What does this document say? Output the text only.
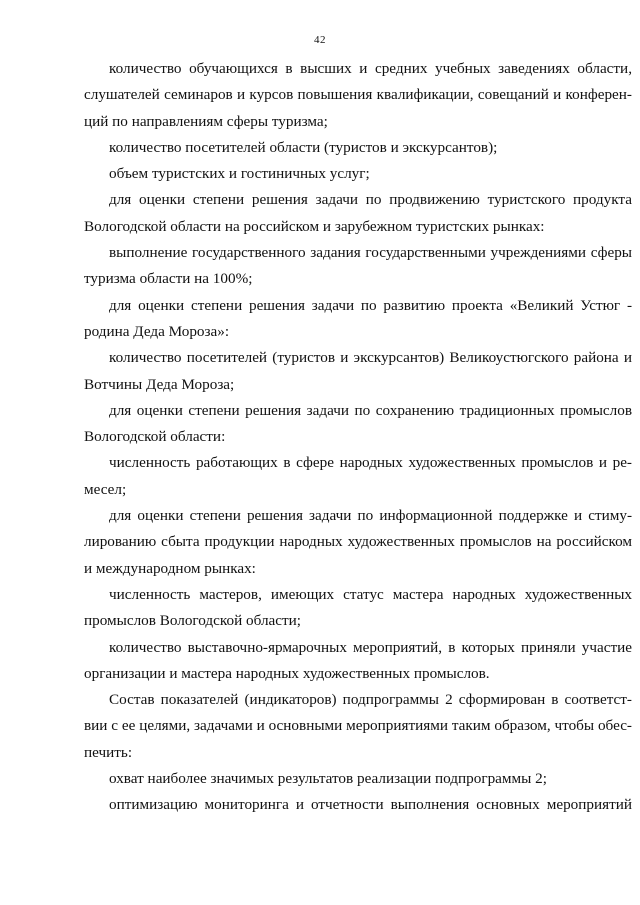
42
количество обучающихся в высших и средних учебных заведениях области,
слушателей семинаров и курсов повышения квалификации, совещаний и конферен-
ций по направлениям сферы туризма;
количество посетителей области (туристов и экскурсантов);
объем туристских и гостиничных услуг;
для оценки степени решения задачи по продвижению туристского продукта
Вологодской области на российском и зарубежном туристских рынках:
выполнение государственного задания государственными учреждениями сферы
туризма области на 100%;
для оценки степени решения задачи по развитию проекта «Великий Устюг -
родина Деда Мороза»:
количество посетителей (туристов и экскурсантов) Великоустюгского района и
Вотчины Деда Мороза;
для оценки степени решения задачи по сохранению традиционных промыслов
Вологодской области:
численность работающих в сфере народных художественных промыслов и ре-
месел;
для оценки степени решения задачи по информационной поддержке и стиму-
лированию сбыта продукции народных художественных промыслов на российском
и международном рынках:
численность мастеров, имеющих статус мастера народных художественных
промыслов Вологодской области;
количество выставочно-ярмарочных мероприятий, в которых приняли участие
организации и мастера народных художественных промыслов.
Состав показателей (индикаторов) подпрограммы 2 сформирован в соответст-
вии с ее целями, задачами и основными мероприятиями таким образом, чтобы обес-
печить:
охват наиболее значимых результатов реализации подпрограммы 2;
оптимизацию мониторинга и отчетности выполнения основных мероприятий
